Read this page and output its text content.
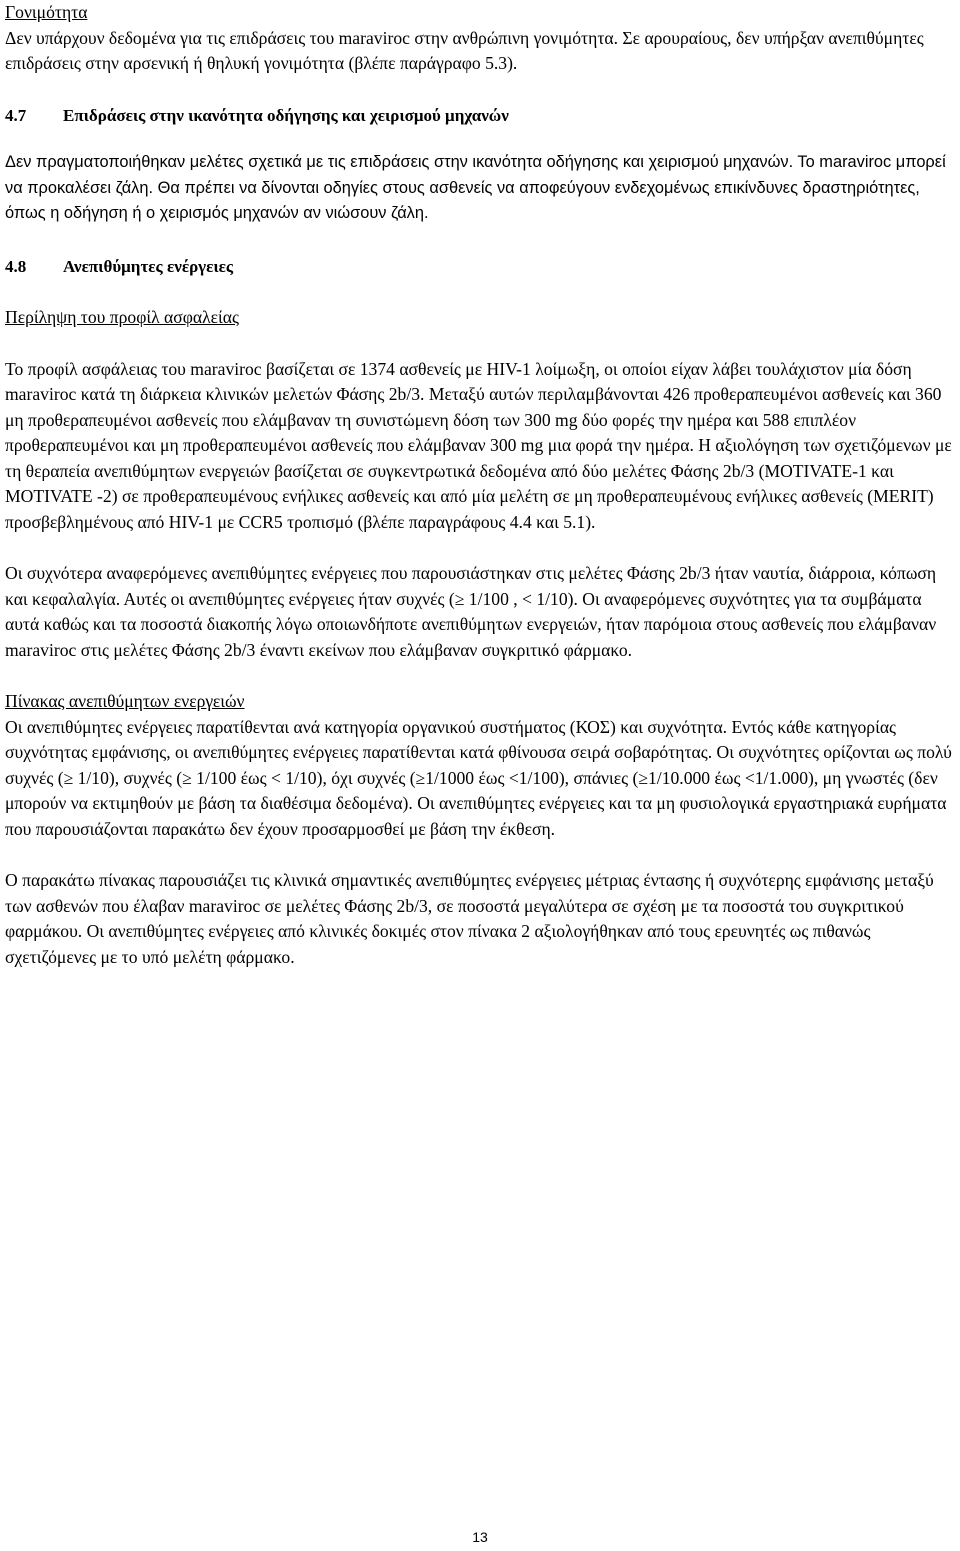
Γονιμότητα

Δεν υπάρχουν δεδομένα για τις επιδράσεις του maraviroc στην ανθρώπινη γονιμότητα. Σε αρουραίους, δεν υπήρξαν ανεπιθύμητες επιδράσεις στην αρσενική ή θηλυκή γονιμότητα (βλέπε παράγραφο 5.3).

4.7 Επιδράσεις στην ικανότητα οδήγησης και χειρισμού μηχανών

Δεν πραγματοποιήθηκαν μελέτες σχετικά με τις επιδράσεις στην ικανότητα οδήγησης και χειρισμού μηχανών. Το maraviroc μπορεί να προκαλέσει ζάλη. Θα πρέπει να δίνονται οδηγίες στους ασθενείς να αποφεύγουν ενδεχομένως επικίνδυνες δραστηριότητες, όπως η οδήγηση ή ο χειρισμός μηχανών αν νιώσουν ζάλη.

4.8 Ανεπιθύμητες ενέργειες

Περίληψη του προφίλ ασφαλείας

Το προφίλ ασφάλειας του maraviroc βασίζεται σε 1374 ασθενείς με HIV-1 λοίμωξη, οι οποίοι είχαν λάβει τουλάχιστον μία δόση maraviroc κατά τη διάρκεια κλινικών μελετών Φάσης 2b/3. Μεταξύ αυτών περιλαμβάνονται 426 προθεραπευμένοι ασθενείς και 360 μη προθεραπευμένοι ασθενείς που ελάμβαναν τη συνιστώμενη δόση των 300 mg δύο φορές την ημέρα και 588 επιπλέον προθεραπευμένοι και μη προθεραπευμένοι ασθενείς που ελάμβαναν 300 mg μια φορά την ημέρα. Η αξιολόγηση των σχετιζόμενων με τη θεραπεία ανεπιθύμητων ενεργειών βασίζεται σε συγκεντρωτικά δεδομένα από δύο μελέτες Φάσης 2b/3 (MOTIVATE-1 και MOTIVATE -2) σε προθεραπευμένους ενήλικες ασθενείς και από μία μελέτη σε μη προθεραπευμένους ενήλικες ασθενείς (MERIT) προσβεβλημένους από HIV-1 με CCR5 τροπισμό (βλέπε παραγράφους 4.4 και 5.1).

Οι συχνότερα αναφερόμενες ανεπιθύμητες ενέργειες που παρουσιάστηκαν στις μελέτες Φάσης 2b/3 ήταν ναυτία, διάρροια, κόπωση και κεφαλαλγία. Αυτές οι ανεπιθύμητες ενέργειες ήταν συχνές (≥ 1/100 , < 1/10). Οι αναφερόμενες συχνότητες για τα συμβάματα αυτά καθώς και τα ποσοστά διακοπής λόγω οποιωνδήποτε ανεπιθύμητων ενεργειών, ήταν παρόμοια στους ασθενείς που ελάμβαναν maraviroc στις μελέτες Φάσης 2b/3 έναντι εκείνων που ελάμβαναν συγκριτικό φάρμακο.

Πίνακας ανεπιθύμητων ενεργειών

Οι ανεπιθύμητες ενέργειες παρατίθενται ανά κατηγορία οργανικού συστήματος (ΚΟΣ) και συχνότητα. Εντός κάθε κατηγορίας συχνότητας εμφάνισης, οι ανεπιθύμητες ενέργειες παρατίθενται κατά φθίνουσα σειρά σοβαρότητας. Οι συχνότητες ορίζονται ως πολύ συχνές (≥ 1/10), συχνές (≥ 1/100 έως < 1/10), όχι συχνές (≥1/1000 έως <1/100), σπάνιες (≥1/10.000 έως <1/1.000), μη γνωστές (δεν μπορούν να εκτιμηθούν με βάση τα διαθέσιμα δεδομένα). Οι ανεπιθύμητες ενέργειες και τα μη φυσιολογικά εργαστηριακά ευρήματα που παρουσιάζονται παρακάτω δεν έχουν προσαρμοσθεί με βάση την έκθεση.

Ο παρακάτω πίνακας παρουσιάζει τις κλινικά σημαντικές ανεπιθύμητες ενέργειες μέτριας έντασης ή συχνότερης εμφάνισης μεταξύ των ασθενών που έλαβαν maraviroc σε μελέτες Φάσης 2b/3, σε ποσοστά μεγαλύτερα σε σχέση με τα ποσοστά του συγκριτικού φαρμάκου. Οι ανεπιθύμητες ενέργειες από κλινικές δοκιμές στον πίνακα 2 αξιολογήθηκαν από τους ερευνητές ως πιθανώς σχετιζόμενες με το υπό μελέτη φάρμακο.

13
